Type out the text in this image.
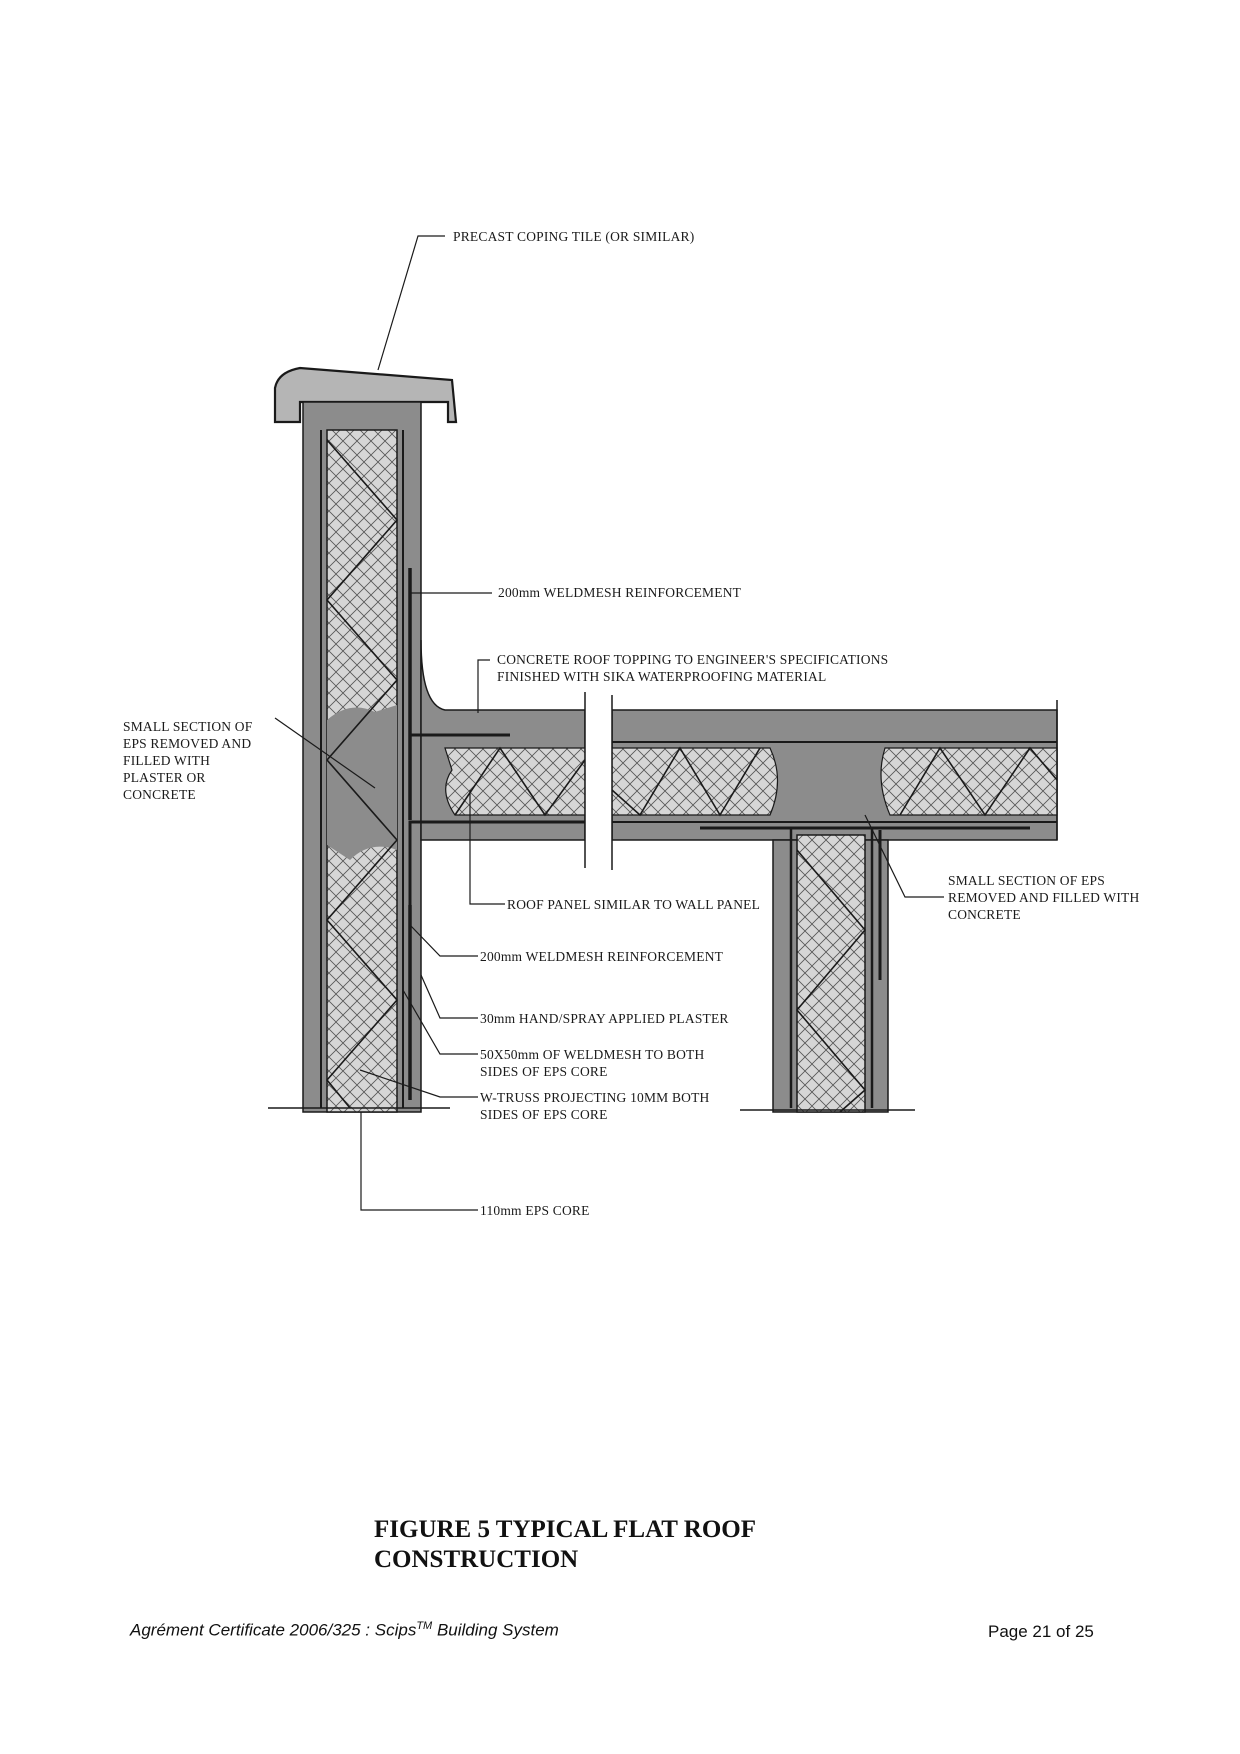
PRECAST COPING TILE (OR SIMILAR)
200mm WELDMESH REINFORCEMENT
CONCRETE ROOF TOPPING TO ENGINEER'S SPECIFICATIONS
FINISHED WITH SIKA WATERPROOFING MATERIAL
SMALL SECTION OF
EPS REMOVED AND
FILLED WITH
PLASTER OR
CONCRETE
SMALL SECTION OF EPS
REMOVED AND FILLED WITH
CONCRETE
ROOF PANEL SIMILAR TO WALL PANEL
200mm WELDMESH REINFORCEMENT
30mm HAND/SPRAY APPLIED PLASTER
50X50mm OF WELDMESH TO BOTH
SIDES OF EPS CORE
W-TRUSS PROJECTING 10MM BOTH
SIDES OF EPS CORE
110mm EPS CORE
FIGURE 5 TYPICAL FLAT ROOF
CONSTRUCTION
Agrément Certificate 2006/325 : Scips™ Building System	Page 21 of 25
